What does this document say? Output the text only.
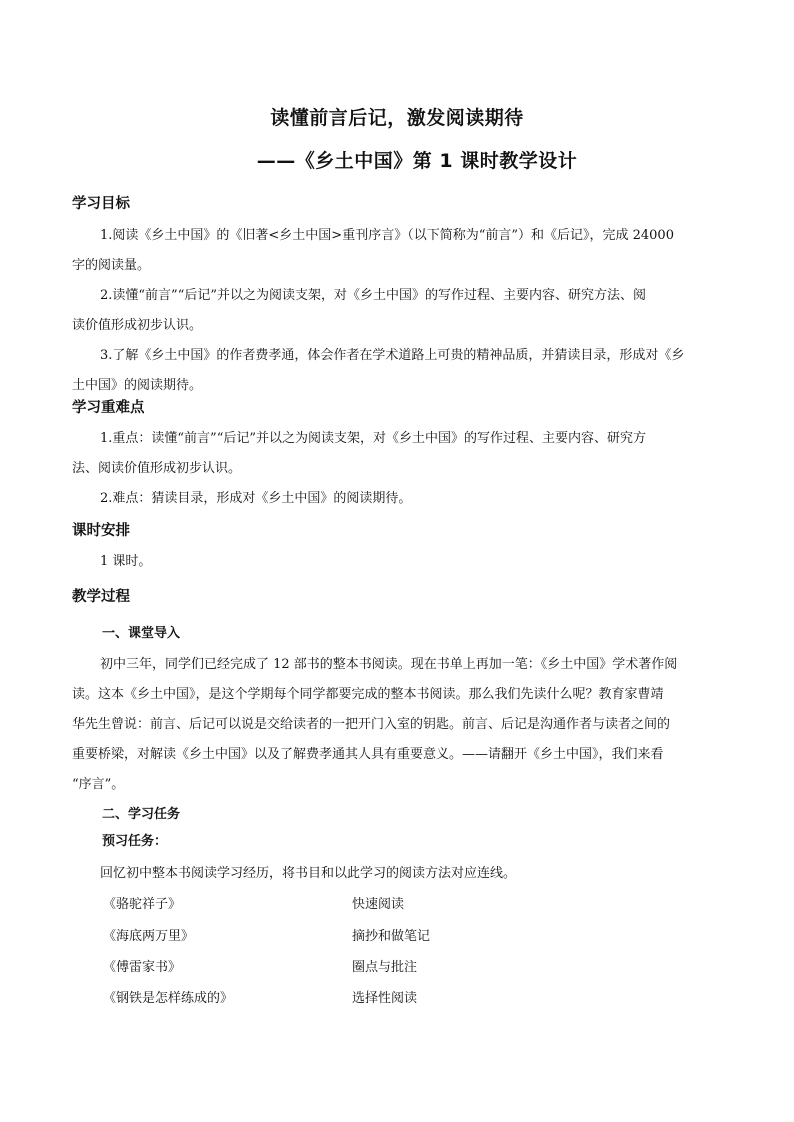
读懂前言后记，激发阅读期待
——《乡土中国》第 1 课时教学设计
学习目标
1.阅读《乡土中国》的《旧著<乡土中国>重刊序言》（以下简称为“前言”）和《后记》，完成 24000
字的阅读量。
2.读懂“前言”“后记”并以之为阅读支架，对《乡土中国》的写作过程、主要内容、研究方法、阅
读价值形成初步认识。
3.了解《乡土中国》的作者费孝通，体会作者在学术道路上可贵的精神品质，并猜读目录，形成对《乡
土中国》的阅读期待。
学习重难点
1.重点：读懂“前言”“后记”并以之为阅读支架，对《乡土中国》的写作过程、主要内容、研究方
法、阅读价值形成初步认识。
2.难点：猜读目录，形成对《乡土中国》的阅读期待。
课时安排
1 课时。
教学过程
一、课堂导入
初中三年，同学们已经完成了 12 部书的整本书阅读。现在书单上再加一笔：《乡土中国》学术著作阅
读。这本《乡土中国》，是这个学期每个同学都要完成的整本书阅读。那么我们先读什么呢？教育家曹靖
华先生曾说：前言、后记可以说是交给读者的一把开门入室的钥匙。前言、后记是沟通作者与读者之间的
重要桥梁，对解读《乡土中国》以及了解费孝通其人具有重要意义。——请翻开《乡土中国》，我们来看
“序言”。
二、学习任务
预习任务：
回忆初中整本书阅读学习经历，将书目和以此学习的阅读方法对应连线。
《骆驼祥子》	快速阅读
《海底两万里》	摘抄和做笔记
《傅雷家书》	圈点与批注
《钢铁是怎样练成的》	选择性阅读
